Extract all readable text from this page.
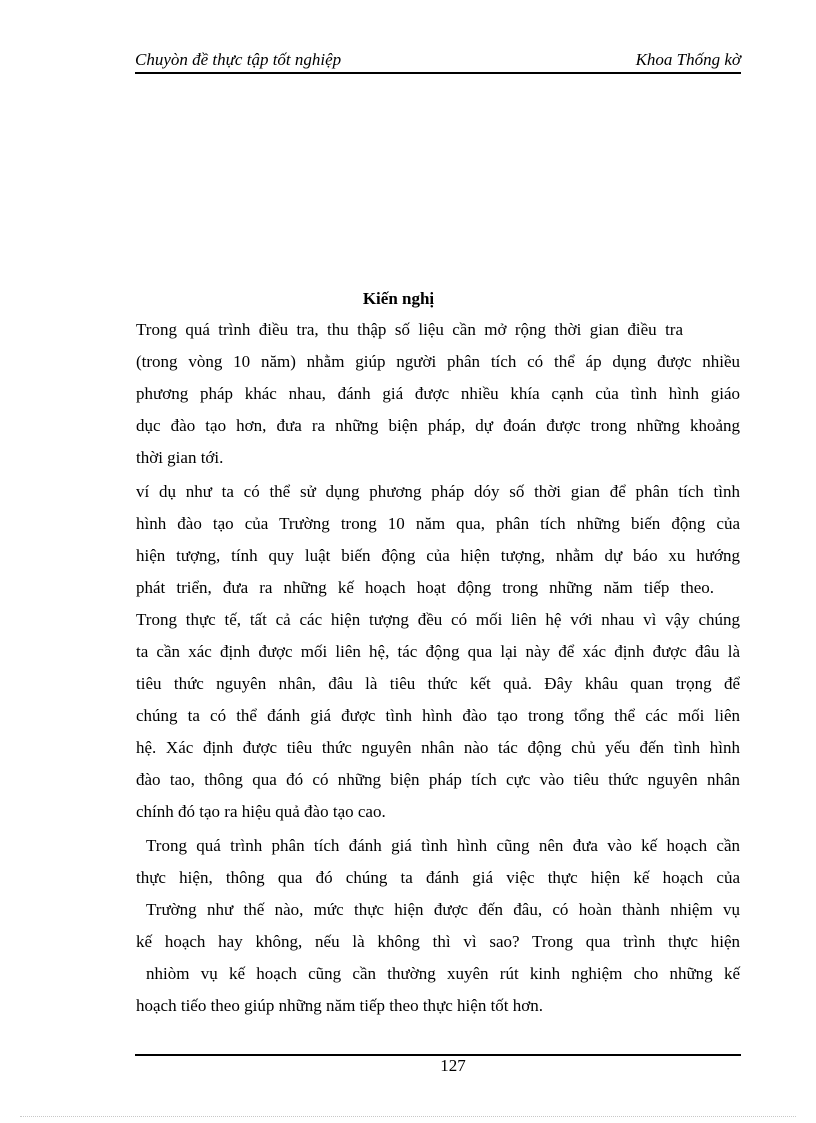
Chuyòn đề thực tập tốt nghiệp	Khoa Thống kờ
Kiến nghị
Trong quá trình điều tra, thu thập số liệu cần mở rộng thời gian điều tra
(trong vòng 10 năm) nhằm giúp người phân tích có thể áp dụng được nhiều
phương pháp khác nhau, đánh giá được nhiều khía cạnh của tình hình giáo
dục đào tạo hơn, đưa ra những biện pháp, dự đoán được trong những khoảng
thời gian tới.
ví dụ như ta có thể sử dụng phương pháp dóy số thời gian để phân tích tình
hình đào tạo của Trường trong 10 năm qua, phân tích những biến động của
hiện tượng, tính quy luật biến động của hiện tượng, nhằm dự báo xu hướng
phát triển, đưa ra những kế hoạch hoạt động trong những năm tiếp theo.
Trong thực tế, tất cả các hiện tượng đều có mối liên hệ với nhau vì vậy chúng
ta cần xác định được mối liên hệ, tác động qua lại này để xác định được đâu là
tiêu thức nguyên nhân, đâu là tiêu thức kết quả. Đây khâu quan trọng để
chúng ta có thể đánh giá được tình hình đào tạo trong tổng thể các mối liên
hệ. Xác định được tiêu thức nguyên nhân nào tác động chủ yếu đến tình hình
đào tao, thông qua đó có những biện pháp tích cực vào tiêu thức nguyên nhân
chính đó tạo ra hiệu quả đào tạo cao.
Trong quá trình phân tích đánh giá tình hình cũng nên đưa vào kế hoạch cần
thực hiện, thông qua đó chúng ta đánh giá việc thực hiện kế hoạch của
Trường như thế nào, mức thực hiện được đến đâu, có hoàn thành nhiệm vụ
kế hoạch hay không, nếu là không thì vì sao? Trong qua trình thực hiện
nhiòm vụ kế hoạch cũng cần thường xuyên rút kinh nghiệm cho những kế
hoạch tiếo theo giúp những năm tiếp theo thực hiện tốt hơn.
127
